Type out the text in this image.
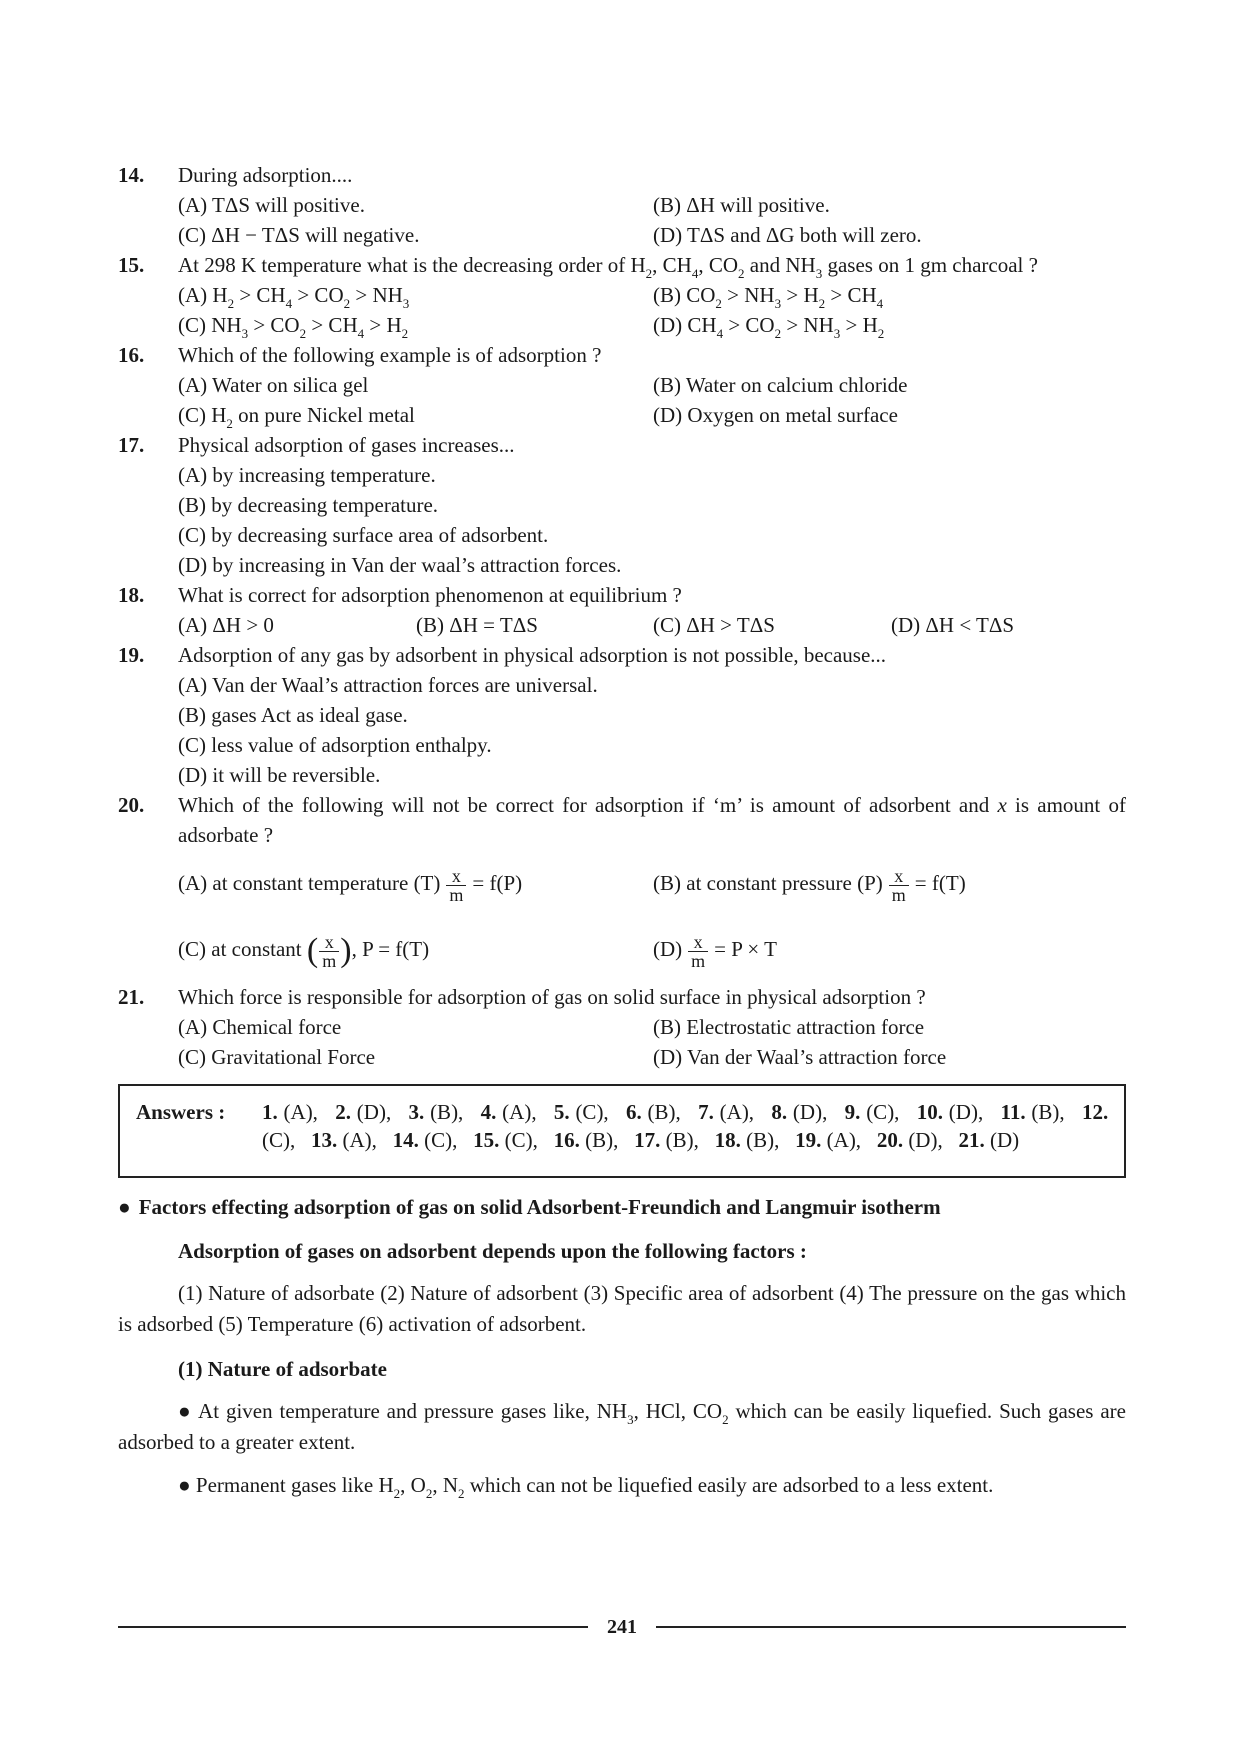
14. During adsorption....
(A) TΔS will positive.	(B) ΔH will positive.
(C) ΔH − TΔS will negative.	(D) TΔS and ΔG both will zero.
15. At 298 K temperature what is the decreasing order of $H_2$, $CH_4$, $CO_2$ and $NH_3$ gases on 1 gm charcoal ?
(A) $H_2 > CH_4 > CO_2 > NH_3$	(B) $CO_2 > NH_3 > H_2 > CH_4$
(C) $NH_3 > CO_2 > CH_4 > H_2$	(D) $CH_4 > CO_2 > NH_3 > H_2$
16. Which of the following example is of adsorption ?
(A) Water on silica gel	(B) Water on calcium chloride
(C) $H_2$ on pure Nickel metal	(D) Oxygen on metal surface
17. Physical adsorption of gases increases...
(A) by increasing temperature.
(B) by decreasing temperature.
(C) by decreasing surface area of adsorbent.
(D) by increasing in Van der waal’s attraction forces.
18. What is correct for adsorption phenomenon at equilibrium ?
(A) ΔH > 0	(B) ΔH = TΔS	(C) ΔH > TΔS	(D) ΔH < TΔS
19. Adsorption of any gas by adsorbent in physical adsorption is not possible, because...
(A) Van der Waal’s attraction forces are universal.
(B) gases Act as ideal gase.
(C) less value of adsorption enthalpy.
(D) it will be reversible.
20. Which of the following will not be correct for adsorption if ‘m’ is amount of adsorbent and x is amount of adsorbate ?
(A) at constant temperature $(T) \frac{x}{m} = f(P)$	(B) at constant pressure $(P) \frac{x}{m} = f(T)$
(C) at constant ( $\frac{x}{m}$ ), P = f(T)	$(D) \frac{x}{m} = P \times T$
21. Which force is responsible for adsorption of gas on solid surface in physical adsorption ?
(A) Chemical force	(B) Electrostatic attraction force
(C) Gravitational Force	(D) Van der Waal’s attraction force
Answers :	1. (A), 2. (D), 3. (B), 4. (A), 5. (C), 6. (B), 7. (A), 8. (D), 9. (C), 10. (D), 11. (B), 12. (C), 13. (A), 14. (C), 15. (C), 16. (B), 17. (B), 18. (B), 19. (A), 20. (D), 21. (D)
● Factors effecting adsorption of gas on solid Adsorbent-Freundich and Langmuir isotherm
Adsorption of gases on adsorbent depends upon the following factors :
(1) Nature of adsorbate (2) Nature of adsorbent (3) Specific area of adsorbent (4) The pressure on the gas which is adsorbed (5) Temperature (6) activation of adsorbent.
(1) Nature of adsorbate
● At given temperature and pressure gases like, $NH_3$, HCl, $CO_2$ which can be easily liquefied. Such gases are adsorbed to a greater extent.
● Permanent gases like $H_2$, $O_2$, $N_2$ which can not be liquefied easily are adsorbed to a less extent.
241
